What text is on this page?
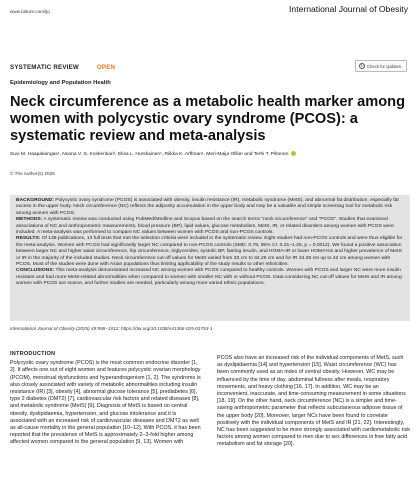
www.nature.com/ijo	International Journal of Obesity
SYSTEMATIC REVIEW	OPEN	↻ Check for updates
Epidemiology and Population Health
Neck circumference as a metabolic health marker among women with polycystic ovary syndrome (PCOS): a systematic review and meta-analysis
Suvi M. Haapakangas¹, Noona V. S. Koskenkari¹, Elisa L. Hurskainen¹, Riikka K. Arffman¹, Meri-Maija Ollila¹ and Terhi T. Piltonen
© The Author(s) 2025

BACKGROUND: Polycystic ovary syndrome (PCOS) is associated with obesity, insulin resistance (IR), metabolic syndrome (MetS), and abnormal fat distribution, especially fat excess in the upper body. Neck circumference (NC) reflects the adiposity accumulation in the upper body and may be a valuable and simple screening tool for metabolic risk among women with PCOS.

METHODS: A systematic review was conducted using PubMed/Medline and Scopus based on the search terms "neck circumference" and "PCOS". Studies that examined associations of NC and anthropometric measurements, blood pressure (BP), lipid values, glucose metabolism, MetS, IR, or related disorders among women with PCOS were included. A meta-analysis was performed to compare NC values between women with PCOS and non-PCOS controls.

RESULTS: Of 139 publications, 13 full texts that met the selection criteria were included in the systematic review. Eight studies had non-PCOS controls and were thus eligible for the meta-analysis. Women with PCOS had significantly larger NC compared to non-PCOS controls (SMD: 0.78, 95% CI: 0.31–1.25, p = 0.0012). We found a positive association between larger NC and higher waist circumference, hip circumference, triglycerides, systolic BP, fasting insulin, and HOMA-IR or lower HOMA%S and higher prevalence of MetS or IR in the majority of the included studies. Neck circumference cut-off values for MetS varied from 33 cm to 34.25 cm and for IR 34.25 cm up to 42 cm among women with PCOS. Most of the studies were done with Asian populations thus limiting applicability of the study results to other ethnicities.

CONCLUSIONS: This meta-analysis demonstrated increased NC among women with PCOS compared to healthy controls. Women with PCOS and larger NC were more insulin resistant and had more MetS-related abnormalities when compared to women with smaller NC with or without PCOS. Data considering NC cut-off values for MetS and IR among women with PCOS are scarce, and further studies are needed, particularly among more varied ethnic populations.

International Journal of Obesity (2025) 49:998–1012; https://doi.org/10.1038/s41366-025-01753-1
INTRODUCTION
Polycystic ovary syndrome (PCOS) is the most common endocrine disorder [1, 2]. It affects one out of eight women and features polycystic ovarian morphology (PCOM), menstrual dysfunctions and hyperandrogenism [1, 2]. The syndrome is also closely associated with variety of metabolic abnormalities including insulin resistance (IR) [3], obesity [4], abnormal glucose tolerance [5], prediabetes [6], type 2 diabetes (DMT2) [7], cardiovascular risk factors and related diseases [8], and metabolic syndrome (MetS) [9]. Diagnosis of MetS is based on central obesity, dyslipidaemia, hypertension, and glucose intolerance and it is associated with an increased risk of cardiovascular diseases and DMT2 as well as all-cause mortality in the general population [10–12]. With PCOS, it has been reported that the prevalence of MetS is approximately 2–3-fold higher among affected women compared to the general population [9, 13]. Women with
PCOS also have an increased risk of the individual components of MetS, such as dyslipidaemia [14] and hypertension [15]. Waist circumference (WC) has been commonly used as an index of central obesity. However, WC may be influenced by the time of day, abdominal fullness after meals, respiratory movements, and heavy clothing [16, 17]. In addition, WC may be an inconvenient, inaccurate, and time-consuming measurement in some situations [18, 19]. On the other hand, neck circumference (NC) is a simpler and time-saving anthropometric parameter that reflects subcutaneous adipose tissue of the upper body [20]. Moreover, larger NCs have been found to correlate positively with the individual components of MetS and IR [21, 22]. Interestingly, NC has been suggested to be more strongly associated with cardiometabolic risk factors among women compared to men due to sex differences in free fatty acid metabolism and fat storage [20].
